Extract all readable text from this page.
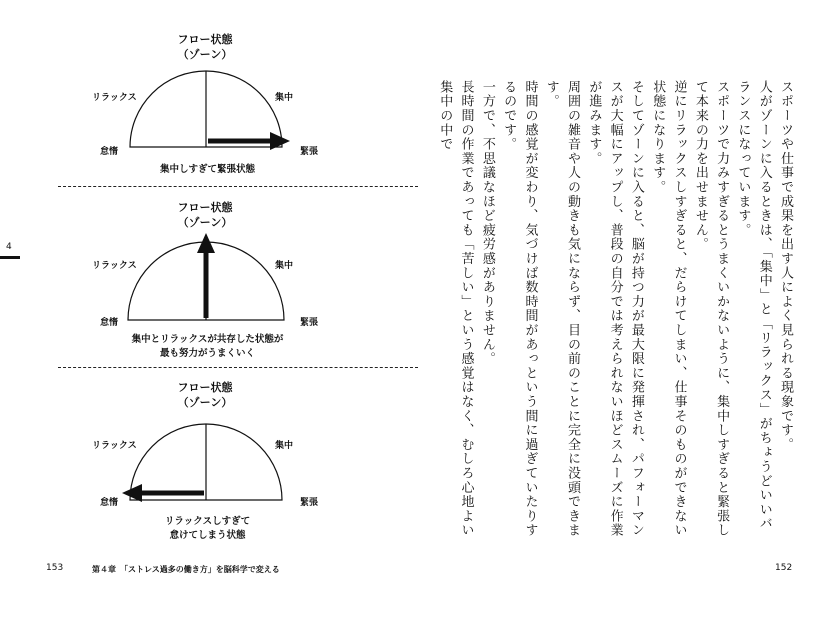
フロー状態
（ゾーン）
リラックス	集中
怠惰	緊張
集中しすぎて緊張状態
フロー状態
（ゾーン）
リラックス	集中
怠惰	緊張
集中とリラックスが共存した状態が
最も努力がうまくいく
フロー状態
（ゾーン）
リラックス	集中
怠惰	緊張
リラックスしすぎて
怠けてしまう状態
4
153	第４章　「ストレス過多の働き方」を脳科学で変える

スポーツや仕事で成果を出す人によく見られる現象です。

人がゾーンに入るときは、「集中」と「リラックス」がちょうどいいバランスになっています。

スポーツで力みすぎるとうまくいかないように、集中しすぎると緊張して本来の力を出せません。

逆にリラックスしすぎると、だらけてしまい、仕事そのものができない状態になります。

そしてゾーンに入ると、脳が持つ力が最大限に発揮され、パフォーマンスが大幅にアップし、普段の自分では考えられないほどスムーズに作業が進みます。

周囲の雑音や人の動きも気にならず、目の前のことに完全に没頭できます。

時間の感覚が変わり、気づけば数時間があっという間に過ぎていたりするのです。

一方で、不思議なほど疲労感がありません。

長時間の作業であっても「苦しい」という感覚はなく、むしろ心地よい集中の中で

152
